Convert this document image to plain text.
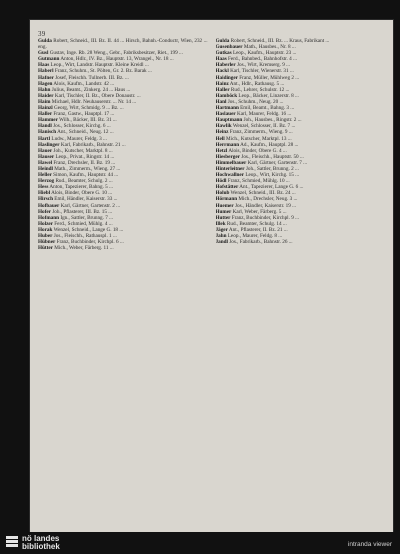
39

Gulda Robert, Schneid., III. Bz. II. 44 ... Hirsch, Bahnh.-Conductr, Wien, 232 ... eng.

Gusl Gustav, Inge. Rb. 28 Weng., Gebr., Fabriksbesitzer, Riet., 199 ...

Gutmann Anton, Hdlr., IV. Bz., Hauptstr. 13, Wrangel., Nr. 18 ...

Haas Leop., Wirt, Landstr. Hauptstr. Kleine Kreidl ...

Haberl Franz, Schuhm., St. Pölten, Gr. 2. Bz. Barak ...

Hafner Josef, Fleischh. Tullnerb. III. Bz. ...

Hagen Alois, Kaufm., Landstr. 42 ...

Hahn Julius, Beamt., Zinkerg. 24 ... Haus ...

Haider Karl, Tischler, II. Bz., Obere Donaustr. ...

Haim Michael, Hdlr. Neuhauserstr. ... Nr. 14 ...

Hainzl Georg, Wirt, Schmidg. 9 ... Bz. ...

Haller Franz, Gastw., Hauptpl. 17 ...

Hammer Wilh., Bäcker, III. Bz. 31 ...

Handl Jos., Schlosser, Kirchg. 6 ...

Hanisch Ant., Schneid., Neug. 12 ...

Hartl Ludw., Maurer, Feldg. 3 ...

Haslinger Karl, Fabrikarb., Bahnstr. 21 ...

Hauer Joh., Kutscher, Marktpl. 8 ...

Hauser Leop., Privat., Ringstr. 14 ...

Hawel Franz, Drechsler, II. Bz. 19 ...

Heindl Math., Zimmerm., Wieng. 27 ...

Heller Simon, Kaufm., Hauptstr. 44 ...

Herzog Rud., Beamter, Schulg. 2 ...

Hess Anton, Tapezierer, Bahng. 5 ...

Hiebl Alois, Binder, Obere G. 10 ...

Hirsch Emil, Händler, Kaiserstr. 33 ...

Hofbauer Karl, Gärtner, Gartenstr. 2 ...

Hofer Joh., Pflasterer, III. Bz. 15 ...

Hofmann Ign., Sattler, Brunng. 7 ...

Holzer Ferd., Schmied, Mühlg. 4 ...

Horak Wenzel, Schneid., Lange G. 18 ...

Huber Jos., Fleischh., Rathauspl. 1 ...

Hübner Franz, Buchbinder, Kirchpl. 6 ...

Hütter Mich., Weber, Färberg. 11 ...

Gulda Robert, Schneid., III. Bz. ... Kraus, Fabrikant ...

Gusenbauer Math., Hausbes., Nr. 8 ...

Gutkas Leop., Kaufm., Hauptstr. 23 ...

Haas Ferd., Bahnbed., Bahnhofstr. 4 ...

Haberler Jos., Wirt, Kremserg. 9 ...

Hackl Karl, Tischler, Wienerstr. 31 ...

Haidinger Franz, Müller, Mühlweg 2 ...

Hainz Ant., Hdlr., Rathausg. 5 ...

Haller Rud., Lehrer, Schulstr. 12 ...

Hamböck Leop., Bäcker, Linzerstr. 8 ...

Hanl Jos., Schuhm., Neug. 20 ...

Hartmann Emil, Beamt., Bahng. 3 ...

Haslauer Karl, Maurer, Feldg. 16 ...

Hauptmann Joh., Hausbes., Ringstr. 2 ...

Hawlik Wenzel, Schlosser, II. Bz. 7 ...

Heinz Franz, Zimmerm., Wieng. 9 ...

Hell Mich., Kutscher, Marktpl. 13 ...

Herrmann Ad., Kaufm., Hauptpl. 28 ...

Hetzl Alois, Binder, Obere G. 4 ...

Hiesberger Jos., Fleischh., Hauptstr. 50 ...

Himmelbauer Karl, Gärtner, Gartenstr. 7 ...

Hinterleitner Joh., Sattler, Brunng. 2 ...

Hochwallner Leop., Wirt, Kirchg. 15 ...

Hödl Franz, Schmied, Mühlg. 10 ...

Hofstätter Ant., Tapezierer, Lange G. 6 ...

Holub Wenzel, Schneid., III. Bz. 24 ...

Hörmann Mich., Drechsler, Neug. 3 ...

Huemer Jos., Händler, Kaiserstr. 19 ...

Humer Karl, Weber, Färberg. 5 ...

Hutter Franz, Buchbinder, Kirchpl. 9 ...

Illek Rud., Beamter, Schulg. 14 ...

Jäger Ant., Pflasterer, II. Bz. 21 ...

Jahn Leop., Maurer, Feldg. 8 ...

Jandl Jos., Fabrikarb., Bahnstr. 26 ...

nö landes
bibliothek	intranda viewer
